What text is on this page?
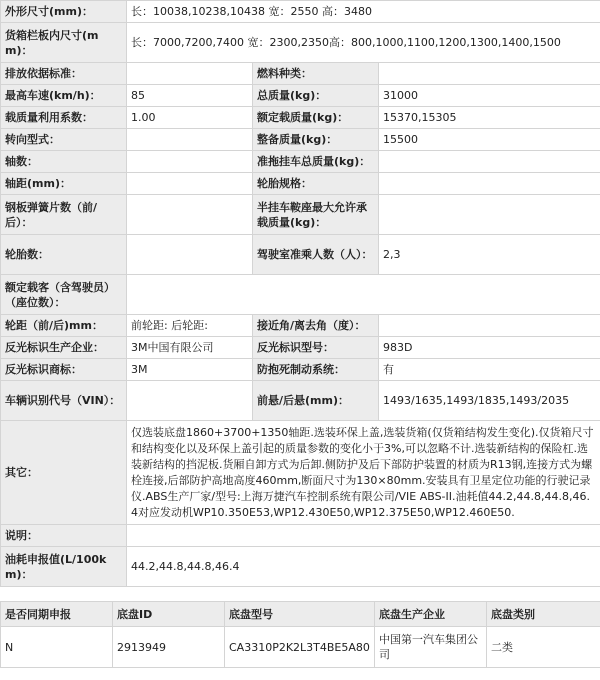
外形尺寸(mm)：	长：10038,10238,10438 宽：2550 高：3480		
货箱栏板内尺寸(mm)：	长：7000,7200,7400 宽：2300,2350高：800,1000,1100,1200,1300,1400,1500		
排放依据标准：		燃料种类：	
最高车速(km/h)：	85	总质量(kg)：	31000
载质量利用系数：	1.00	额定载质量(kg)：	15370,15305
转向型式：		整备质量(kg)：	15500
轴数：		准拖挂车总质量(kg)：	
轴距(mm)：		轮胎规格：	
钢板弹簧片数（前/后）：		半挂车鞍座最大允许承载质量(kg)：	
轮胎数：		驾驶室准乘人数（人）：	2,3
额定载客（含驾驶员）（座位数）：			
轮距（前/后)mm：	前轮距: 后轮距:	接近角/离去角（度）：	
反光标识生产企业：	3M中国有限公司	反光标识型号：	983D
反光标识商标：	3M	防抱死制动系统：	有
车辆识别代号（VIN）：		前悬/后悬(mm)：	1493/1635,1493/1835,1493/2035
其它：	仅选装底盘1860+3700+1350轴距.选装环保上盖,选装货箱(仅货箱结构发生变化).仅货箱尺寸和结构变化以及环保上盖引起的质量参数的变化小于3%,可以忽略不计.选装新结构的保险杠.选装新结构的挡泥板.货厢自卸方式为后卸.侧防护及后下部防护装置的材质为R13钢,连接方式为螺栓连接,后部防护高地高度460mm,断面尺寸为130×80mm.安装具有卫星定位功能的行驶记录仪.ABS生产厂家/型号:上海万捷汽车控制系统有限公司/VIE ABS-II.油耗值44.2,44.8,44.8,46.4对应发动机WP10.350E53,WP12.430E50,WP12.375E50,WP12.460E50.		
说明：			
油耗申报值(L/100km)：	44.2,44.8,44.8,46.4		
是否同期申报	底盘ID	底盘型号	底盘生产企业	底盘类别
N	2913949	CA3310P2K2L3T4BE5A80	中国第一汽车集团公司	二类
